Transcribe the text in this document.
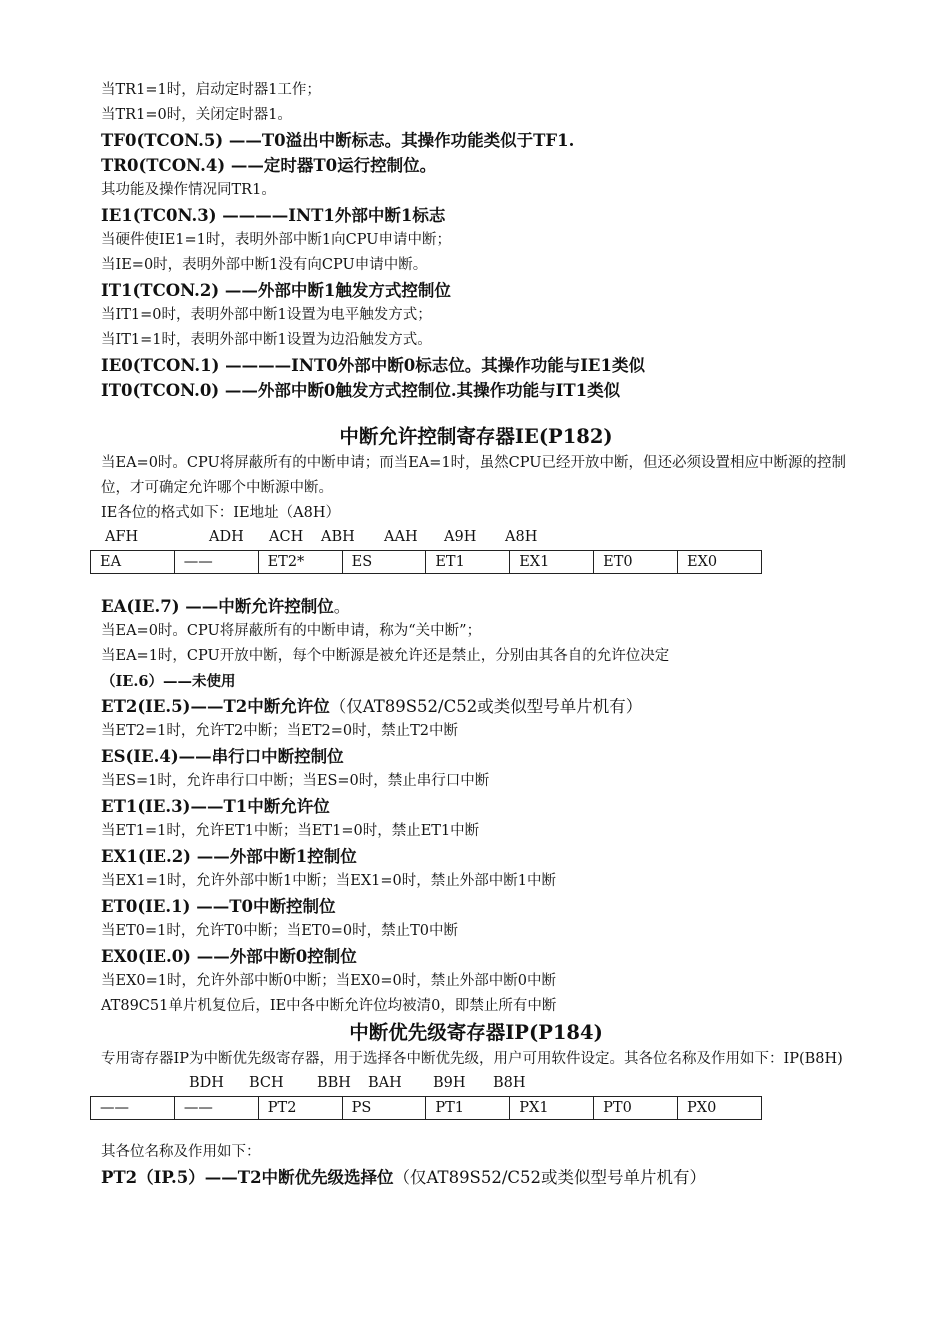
当TR1=1时，启动定时器1工作；
当TR1=0时，关闭定时器1。
TF0(TCON.5) ——T0溢出中断标志。其操作功能类似于TF1.
TR0(TCON.4) ——定时器T0运行控制位。
其功能及操作情况同TR1。
IE1(TC0N.3) ————INT1外部中断1标志
当硬件使IE1=1时，表明外部中断1向CPU申请中断；
当IE=0时，表明外部中断1没有向CPU申请中断。
IT1(TCON.2) ——外部中断1触发方式控制位
当IT1=0时，表明外部中断1设置为电平触发方式；
当IT1=1时，表明外部中断1设置为边沿触发方式。
IE0(TCON.1) ————INT0外部中断0标志位。其操作功能与IE1类似
IT0(TCON.0) ——外部中断0触发方式控制位.其操作功能与IT1类似
中断允许控制寄存器IE(P182)
当EA=0时。CPU将屏蔽所有的中断申请；而当EA=1时，虽然CPU已经开放中断，但还必须设置相应中断源的控制位，才可确定允许哪个中断源中断。
IE各位的格式如下：IE地址（A8H）
AFH	ADH ACH ABH AAH A9H A8H
EA	——	ET2*	ES	ET1	EX1	ET0	EX0
EA(IE.7) ——中断允许控制位。
当EA=0时。CPU将屏蔽所有的中断申请，称为“关中断”；
当EA=1时，CPU开放中断，每个中断源是被允许还是禁止，分别由其各自的允许位决定
（IE.6）——未使用
ET2(IE.5)——T2中断允许位（仅AT89S52/C52或类似型号单片机有）
当ET2=1时，允许T2中断；当ET2=0时，禁止T2中断
ES(IE.4)——串行口中断控制位
当ES=1时，允许串行口中断；当ES=0时，禁止串行口中断
ET1(IE.3)——T1中断允许位
当ET1=1时，允许ET1中断；当ET1=0时，禁止ET1中断
EX1(IE.2) ——外部中断1控制位
当EX1=1时，允许外部中断1中断；当EX1=0时，禁止外部中断1中断
ET0(IE.1) ——T0中断控制位
当ET0=1时，允许T0中断；当ET0=0时，禁止T0中断
EX0(IE.0) ——外部中断0控制位
当EX0=1时，允许外部中断0中断；当EX0=0时，禁止外部中断0中断
AT89C51单片机复位后，IE中各中断允许位均被清0，即禁止所有中断
中断优先级寄存器IP(P184)
专用寄存器IP为中断优先级寄存器，用于选择各中断优先级，用户可用软件设定。其各位名称及作用如下：IP(B8H)
BDH BCH BBH BAH B9H B8H
——	——	PT2	PS	PT1	PX1	PT0	PX0
其各位名称及作用如下：
PT2（IP.5）——T2中断优先级选择位（仅AT89S52/C52或类似型号单片机有）
